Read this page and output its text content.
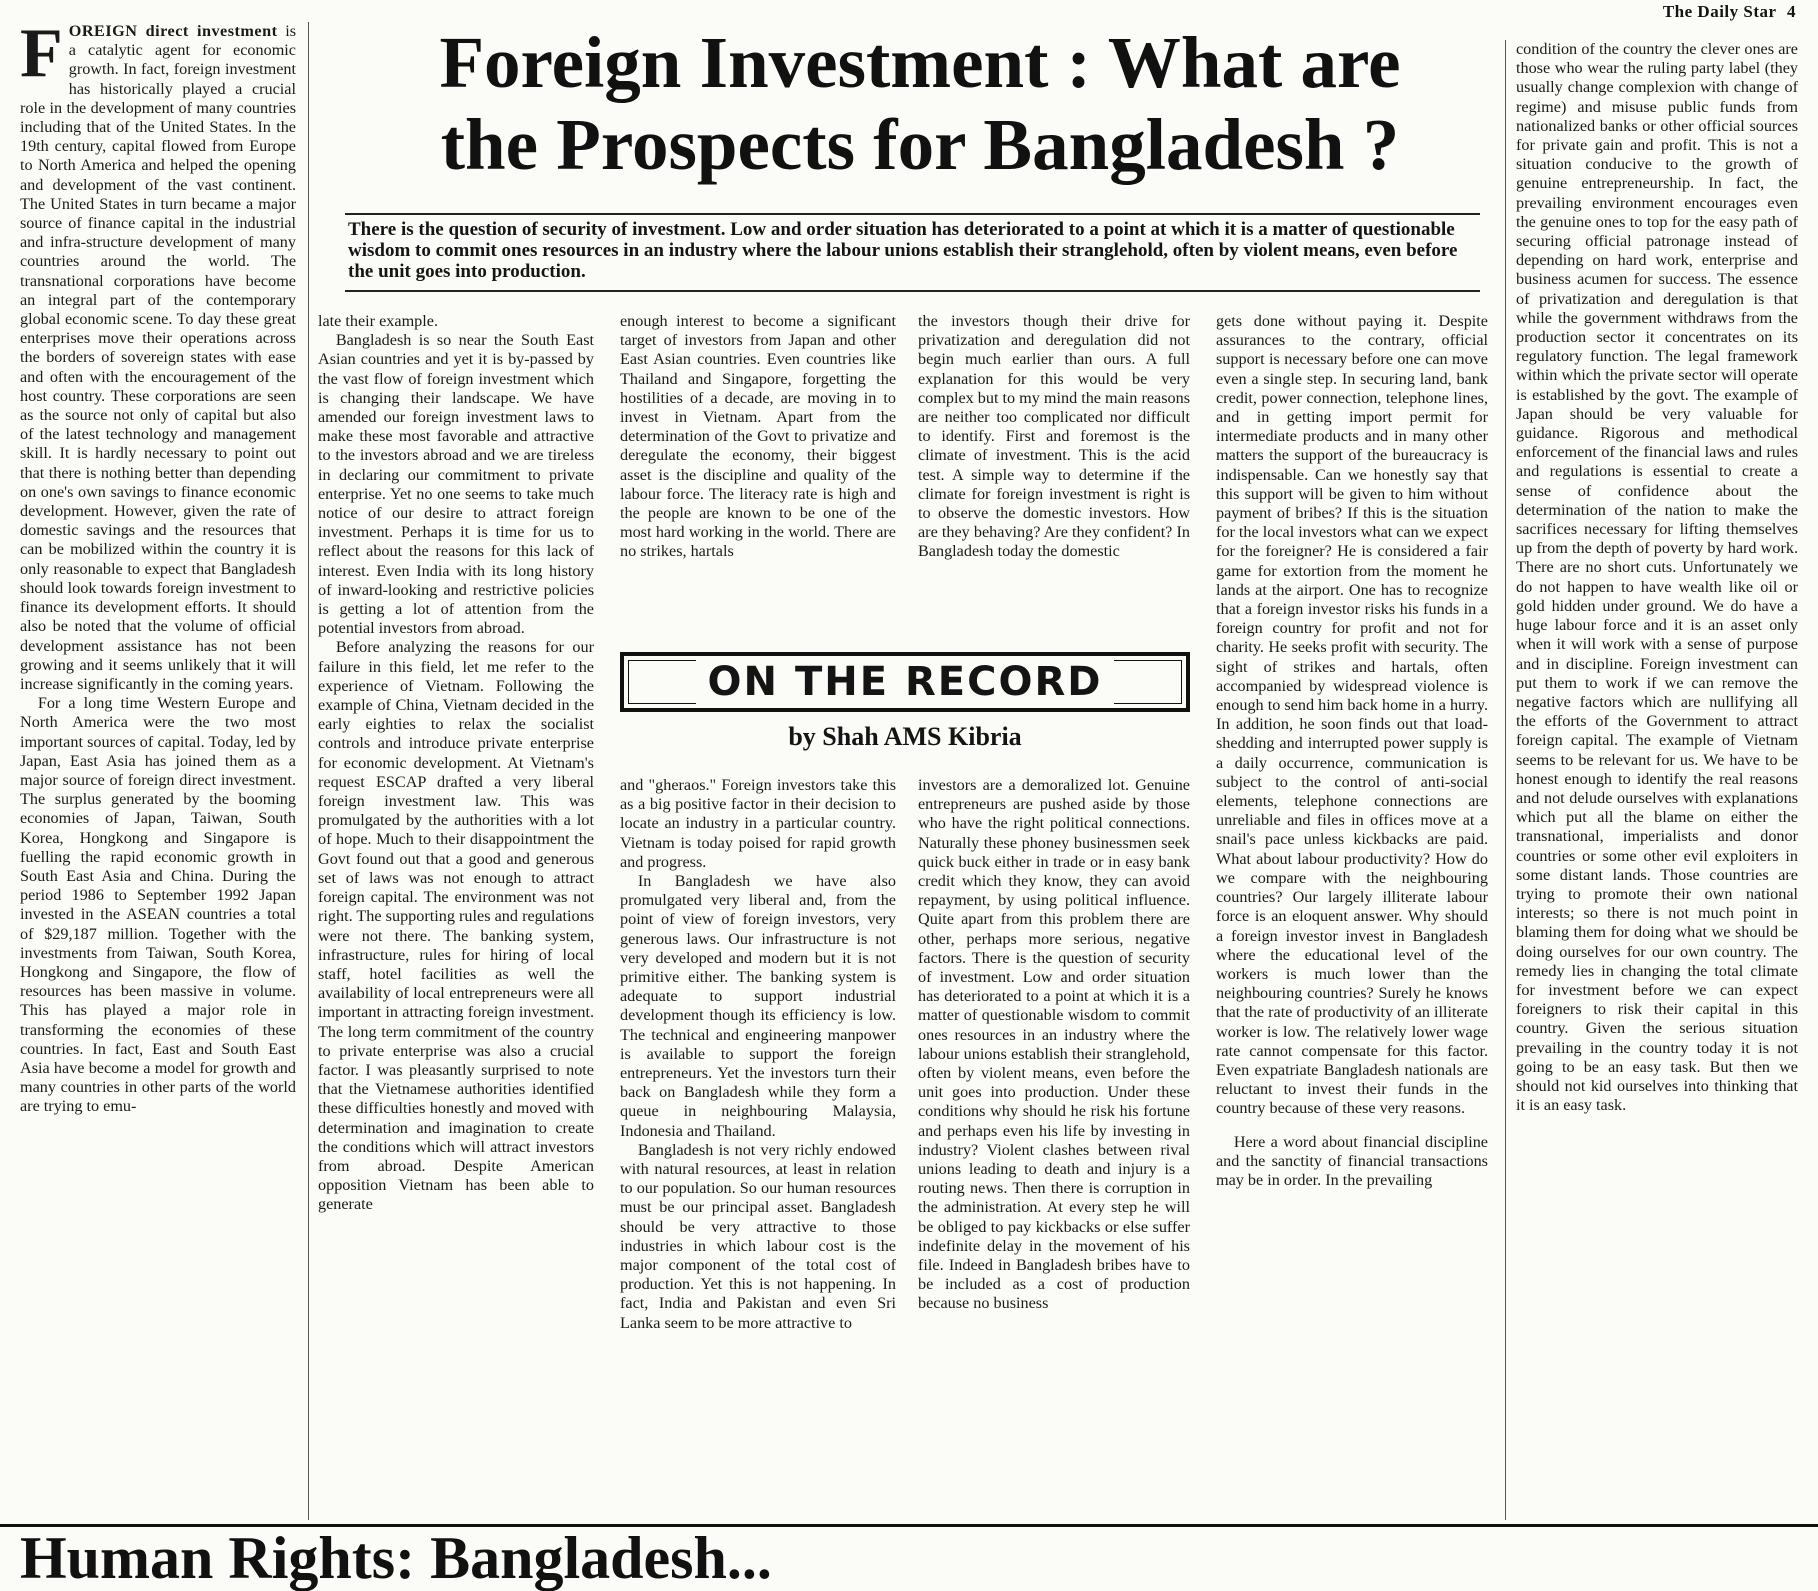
The Daily Star 4
Foreign Investment : What are
the Prospects for Bangladesh ?

There is the question of security of investment. Low and order situation has deteriorated to a point at which it is a matter of questionable wisdom to commit ones resources in an industry where the labour unions establish their stranglehold, often by violent means, even before the unit goes into production.

F OREIGN direct investment is a catalytic agent for economic growth. In fact, foreign investment has historically played a crucial role in the development of many countries including that of the United States. In the 19th century, capital flowed from Europe to North America and helped the opening and development of the vast continent. The United States in turn became a major source of finance capital in the industrial and infra-structure development of many countries around the world. The transnational corporations have become an integral part of the contemporary global economic scene. To day these great enterprises move their operations across the borders of sovereign states with ease and often with the encouragement of the host country. These corporations are seen as the source not only of capital but also of the latest technology and management skill. It is hardly necessary to point out that there is nothing better than depending on one's own savings to finance economic development. However, given the rate of domestic savings and the resources that can be mobilized within the country it is only reasonable to expect that Bangladesh should look towards foreign investment to finance its development efforts. It should also be noted that the volume of official development assistance has not been growing and it seems unlikely that it will increase significantly in the coming years.

For a long time Western Europe and North America were the two most important sources of capital. Today, led by Japan, East Asia has joined them as a major source of foreign direct investment. The surplus generated by the booming economies of Japan, Taiwan, South Korea, Hongkong and Singapore is fuelling the rapid economic growth in South East Asia and China. During the period 1986 to September 1992 Japan invested in the ASEAN countries a total of $29,187 million. Together with the investments from Taiwan, South Korea, Hongkong and Singapore, the flow of resources has been massive in volume. This has played a major role in transforming the economies of these countries. In fact, East and South East Asia have become a model for growth and many countries in other parts of the world are trying to emu-

late their example.

Bangladesh is so near the South East Asian countries and yet it is by-passed by the vast flow of foreign investment which is changing their landscape. We have amended our foreign investment laws to make these most favorable and attractive to the investors abroad and we are tireless in declaring our commitment to private enterprise. Yet no one seems to take much notice of our desire to attract foreign investment. Perhaps it is time for us to reflect about the reasons for this lack of interest. Even India with its long history of inward-looking and restrictive policies is getting a lot of attention from the potential investors from abroad.

Before analyzing the reasons for our failure in this field, let me refer to the experience of Vietnam. Following the example of China, Vietnam decided in the early eighties to relax the socialist controls and introduce private enterprise for economic development. At Vietnam's request ESCAP drafted a very liberal foreign investment law. This was promulgated by the authorities with a lot of hope. Much to their disappointment the Govt found out that a good and generous set of laws was not enough to attract foreign capital. The environment was not right. The supporting rules and regulations were not there. The banking system, infrastructure, rules for hiring of local staff, hotel facilities as well the availability of local entrepreneurs were all important in attracting foreign investment. The long term commitment of the country to private enterprise was also a crucial factor. I was pleasantly surprised to note that the Vietnamese authorities identified these difficulties honestly and moved with determination and imagination to create the conditions which will attract investors from abroad. Despite American opposition Vietnam has been able to generate

enough interest to become a significant target of investors from Japan and other East Asian countries. Even countries like Thailand and Singapore, forgetting the hostilities of a decade, are moving in to invest in Vietnam. Apart from the determination of the Govt to privatize and deregulate the economy, their biggest asset is the discipline and quality of the labour force. The literacy rate is high and the people are known to be one of the most hard working in the world. There are no strikes, hartals

the investors though their drive for privatization and deregulation did not begin much earlier than ours. A full explanation for this would be very complex but to my mind the main reasons are neither too complicated nor difficult to identify. First and foremost is the climate of investment. This is the acid test. A simple way to determine if the climate for foreign investment is right is to observe the domestic investors. How are they behaving? Are they confident? In Bangladesh today the domestic

ON THE RECORD
by Shah AMS Kibria

and "gheraos." Foreign investors take this as a big positive factor in their decision to locate an industry in a particular country. Vietnam is today poised for rapid growth and progress.

In Bangladesh we have also promulgated very liberal and, from the point of view of foreign investors, very generous laws. Our infrastructure is not very developed and modern but it is not primitive either. The banking system is adequate to support industrial development though its efficiency is low. The technical and engineering manpower is available to support the foreign entrepreneurs. Yet the investors turn their back on Bangladesh while they form a queue in neighbouring Malaysia, Indonesia and Thailand.

Bangladesh is not very richly endowed with natural resources, at least in relation to our population. So our human resources must be our principal asset. Bangladesh should be very attractive to those industries in which labour cost is the major component of the total cost of production. Yet this is not happening. In fact, India and Pakistan and even Sri Lanka seem to be more attractive to

investors are a demoralized lot. Genuine entrepreneurs are pushed aside by those who have the right political connections. Naturally these phoney businessmen seek quick buck either in trade or in easy bank credit which they know, they can avoid repayment, by using political influence. Quite apart from this problem there are other, perhaps more serious, negative factors. There is the question of security of investment. Low and order situation has deteriorated to a point at which it is a matter of questionable wisdom to commit ones resources in an industry where the labour unions establish their stranglehold, often by violent means, even before the unit goes into production. Under these conditions why should he risk his fortune and perhaps even his life by investing in industry? Violent clashes between rival unions leading to death and injury is a routing news. Then there is corruption in the administration. At every step he will be obliged to pay kickbacks or else suffer indefinite delay in the movement of his file. Indeed in Bangladesh bribes have to be included as a cost of production because no business

gets done without paying it. Despite assurances to the contrary, official support is necessary before one can move even a single step. In securing land, bank credit, power connection, telephone lines, and in getting import permit for intermediate products and in many other matters the support of the bureaucracy is indispensable. Can we honestly say that this support will be given to him without payment of bribes? If this is the situation for the local investors what can we expect for the foreigner? He is considered a fair game for extortion from the moment he lands at the airport. One has to recognize that a foreign investor risks his funds in a foreign country for profit and not for charity. He seeks profit with security. The sight of strikes and hartals, often accompanied by widespread violence is enough to send him back home in a hurry. In addition, he soon finds out that load-shedding and interrupted power supply is a daily occurrence, communication is subject to the control of anti-social elements, telephone connections are unreliable and files in offices move at a snail's pace unless kickbacks are paid. What about labour productivity? How do we compare with the neighbouring countries? Our largely illiterate labour force is an eloquent answer. Why should a foreign investor invest in Bangladesh where the educational level of the workers is much lower than the neighbouring countries? Surely he knows that the rate of productivity of an illiterate worker is low. The relatively lower wage rate cannot compensate for this factor. Even expatriate Bangladesh nationals are reluctant to invest their funds in the country because of these very reasons.

Here a word about financial discipline and the sanctity of financial transactions may be in order. In the prevailing

condition of the country the clever ones are those who wear the ruling party label (they usually change complexion with change of regime) and misuse public funds from nationalized banks or other official sources for private gain and profit. This is not a situation conducive to the growth of genuine entrepreneurship. In fact, the prevailing environment encourages even the genuine ones to top for the easy path of securing official patronage instead of depending on hard work, enterprise and business acumen for success. The essence of privatization and deregulation is that while the government withdraws from the production sector it concentrates on its regulatory function. The legal framework within which the private sector will operate is established by the govt. The example of Japan should be very valuable for guidance. Rigorous and methodical enforcement of the financial laws and rules and regulations is essential to create a sense of confidence about the determination of the nation to make the sacrifices necessary for lifting themselves up from the depth of poverty by hard work. There are no short cuts. Unfortunately we do not happen to have wealth like oil or gold hidden under ground. We do have a huge labour force and it is an asset only when it will work with a sense of purpose and in discipline. Foreign investment can put them to work if we can remove the negative factors which are nullifying all the efforts of the Government to attract foreign capital. The example of Vietnam seems to be relevant for us. We have to be honest enough to identify the real reasons and not delude ourselves with explanations which put all the blame on either the transnational, imperialists and donor countries or some other evil exploiters in some distant lands. Those countries are trying to promote their own national interests; so there is not much point in blaming them for doing what we should be doing ourselves for our own country. The remedy lies in changing the total climate for investment before we can expect foreigners to risk their capital in this country. Given the serious situation prevailing in the country today it is not going to be an easy task. But then we should not kid ourselves into thinking that it is an easy task.

Human Rights: Bangladesh...
